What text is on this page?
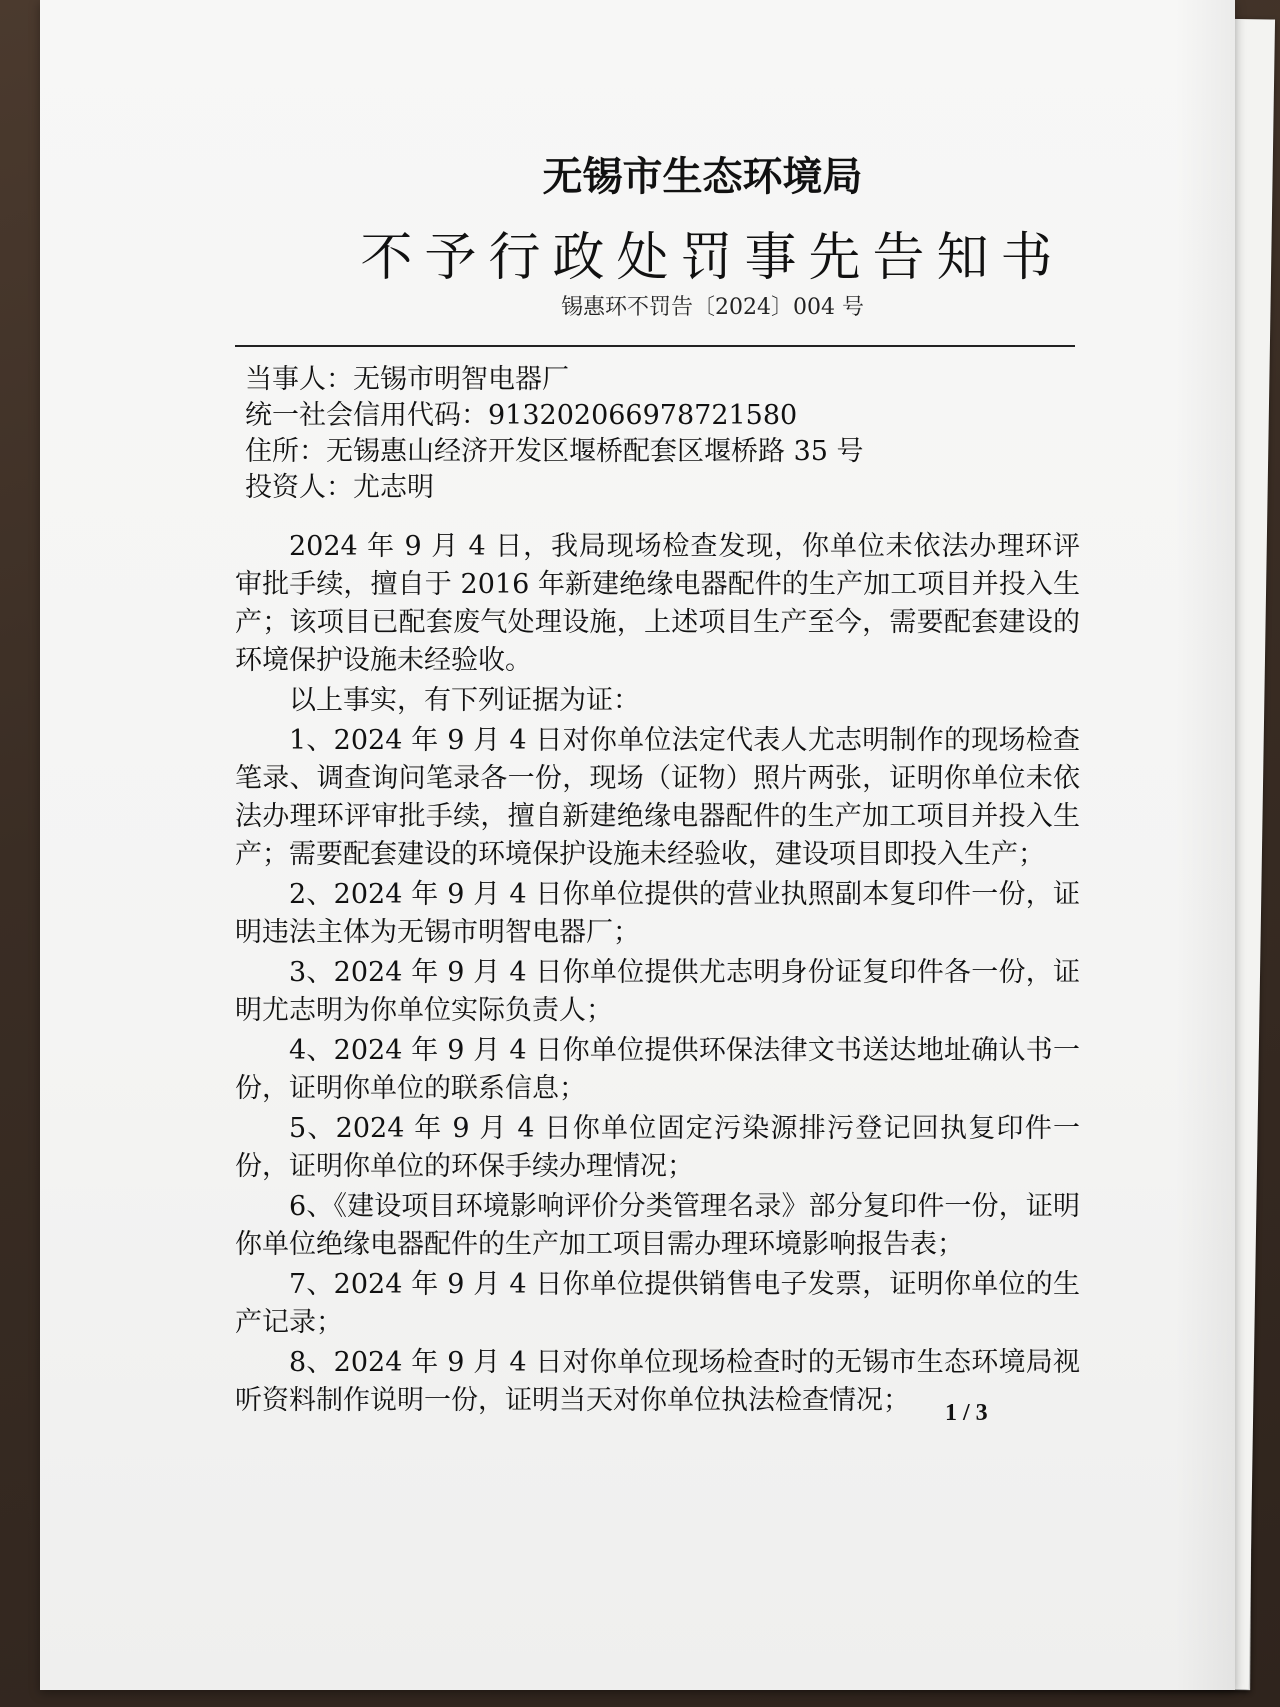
无锡市生态环境局
不予行政处罚事先告知书
锡惠环不罚告〔2024〕004 号
当事人：无锡市明智电器厂
统一社会信用代码：91320206697872158​0
住所：无锡惠山经济开发区堰桥配套区堰桥路 35 号
投资人：尤志明

2024 年 9 月 4 日，我局现场检查发现，你单位未依法办理环评审批手续，擅自于 2016 年新建绝缘电器配件的生产加工项目并投入生产；该项目已配套废气处理设施，上述项目生产至今，需要配套建设的环境保护设施未经验收。

以上事实，有下列证据为证：

1、2024 年 9 月 4 日对你单位法定代表人尤志明制作的现场检查笔录、调查询问笔录各一份，现场（证物）照片两张，证明你单位未依法办理环评审批手续，擅自新建绝缘电器配件的生产加工项目并投入生产；需要配套建设的环境保护设施未经验收，建设项目即投入生产；

2、2024 年 9 月 4 日你单位提供的营业执照副本复印件一份，证明违法主体为无锡市明智电器厂；

3、2024 年 9 月 4 日你单位提供尤志明身份证复印件各一份，证明尤志明为你单位实际负责人；

4、2024 年 9 月 4 日你单位提供环保法律文书送达地址确认书一份，证明你单位的联系信息；

5、2024 年 9 月 4 日你单位固定污染源排污登记回执复印件一份，证明你单位的环保手续办理情况；

6、《建设项目环境影响评价分类管理名录》部分复印件一份，证明你单位绝缘电器配件的生产加工项目需办理环境影响报告表；

7、2024 年 9 月 4 日你单位提供销售电子发票，证明你单位的生产记录；

8、2024 年 9 月 4 日对你单位现场检查时的无锡市生态环境局视听资料制作说明一份，证明当天对你单位执法检查情况；	1 / 3
